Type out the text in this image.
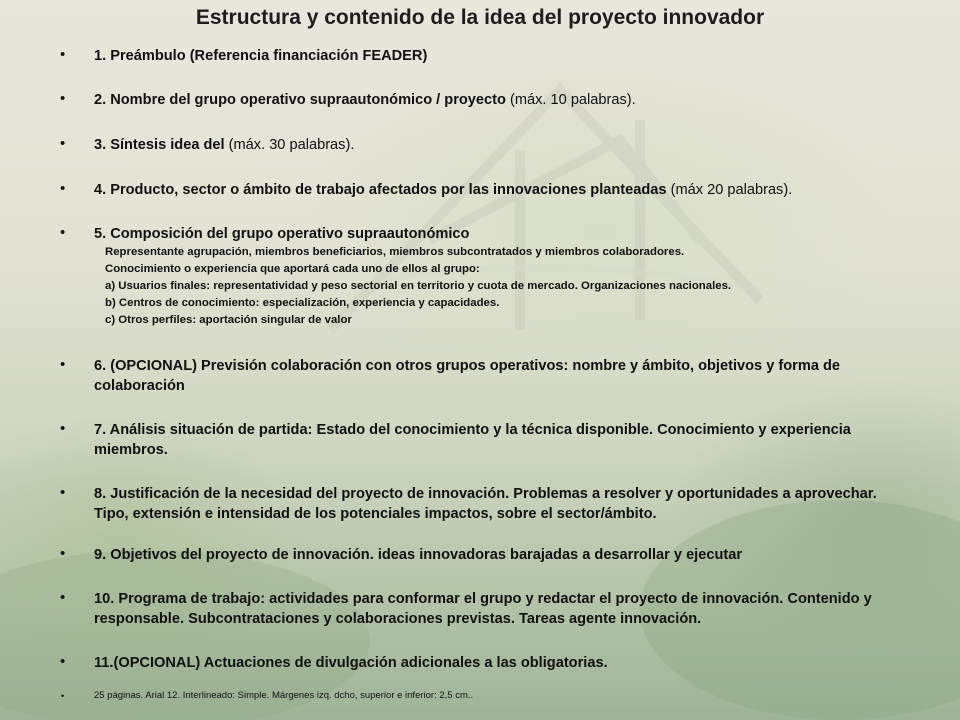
Estructura y contenido de la idea del proyecto innovador
• 1. Preámbulo (Referencia financiación FEADER)
• 2. Nombre del grupo operativo supraautonómico / proyecto (máx. 10 palabras).
• 3. Síntesis idea del (máx. 30 palabras).
• 4. Producto, sector o ámbito de trabajo afectados por las innovaciones planteadas (máx 20 palabras).
• 5. Composición del grupo operativo supraautonómico
Representante agrupación, miembros beneficiarios, miembros subcontratados y miembros colaboradores.
Conocimiento o experiencia que aportará cada uno de ellos al grupo:
a) Usuarios finales: representatividad y peso sectorial en territorio y cuota de mercado. Organizaciones nacionales.
b) Centros de conocimiento: especialización, experiencia y capacidades.
c) Otros perfiles: aportación singular de valor
• 6. (OPCIONAL) Previsión colaboración con otros grupos operativos: nombre y ámbito, objetivos y forma de colaboración
• 7. Análisis situación de partida: Estado del conocimiento y la técnica disponible. Conocimiento y experiencia miembros.
• 8. Justificación de la necesidad del proyecto de innovación. Problemas a resolver y oportunidades a aprovechar. Tipo, extensión e intensidad de los potenciales impactos, sobre el sector/ámbito.
• 9. Objetivos del proyecto de innovación. ideas innovadoras barajadas a desarrollar y ejecutar
• 10. Programa de trabajo: actividades para conformar el grupo y redactar el proyecto de innovación. Contenido y responsable. Subcontrataciones y colaboraciones previstas. Tareas agente innovación.
• 11.(OPCIONAL) Actuaciones de divulgación adicionales a las obligatorias.
•	25 páginas. Arial 12. Interlineado: Simple. Márgenes izq. dcho, superior e inferior: 2,5 cm..
